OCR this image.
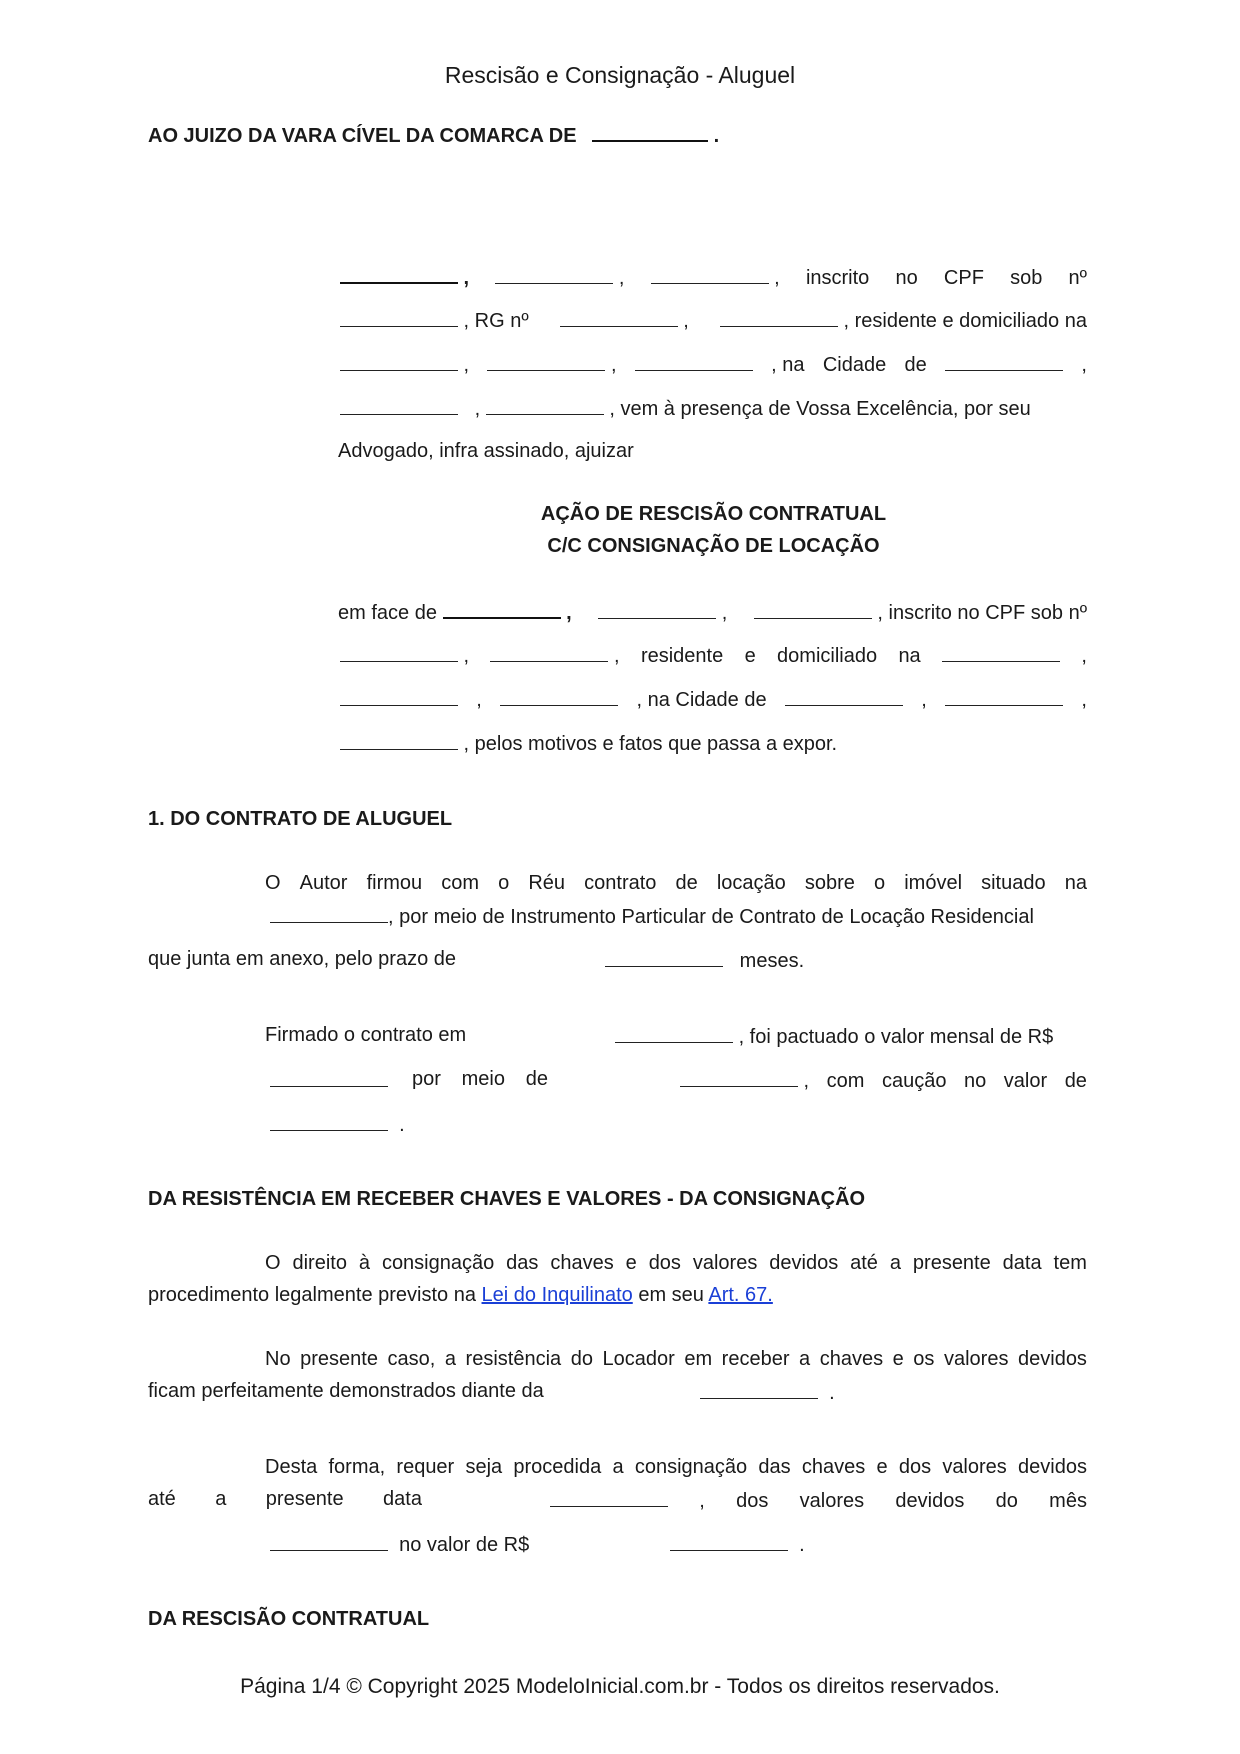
Rescisão e Consignação - Aluguel
AO JUIZO DA VARA CÍVEL DA COMARCA DE	.
,	,	, inscrito no CPF sob nº
, RG nº	,	, residente e domiciliado na
,	,	, na Cidade de	,
,	, vem à presença de Vossa Excelência, por seu
Advogado, infra assinado, ajuizar
AÇÃO DE RESCISÃO CONTRATUAL
C/C CONSIGNAÇÃO DE LOCAÇÃO
em face de	,	,	, inscrito no CPF sob nº
,	, residente e domiciliado na	,
,	, na Cidade de	,	,
, pelos motivos e fatos que passa a expor.
1. DO CONTRATO DE ALUGUEL
O Autor firmou com o Réu contrato de locação sobre o imóvel situado na
, por meio de Instrumento Particular de Contrato de Locação Residencial
que junta em anexo, pelo prazo de	meses.
Firmado o contrato em	, foi pactuado o valor mensal de R$
por meio de	, com caução no valor de
.
DA RESISTÊNCIA EM RECEBER CHAVES E VALORES - DA CONSIGNAÇÃO
O direito à consignação das chaves e dos valores devidos até a presente data tem
procedimento legalmente previsto na Lei do Inquilinato em seu Art. 67.
No presente caso, a resistência do Locador em receber a chaves e os valores devidos
ficam perfeitamente demonstrados diante da	.
Desta forma, requer seja procedida a consignação das chaves e dos valores devidos
até a presente data	, dos valores devidos do mês
no valor de R$	.
DA RESCISÃO CONTRATUAL
Página 1/4 © Copyright 2025 ModeloInicial.com.br - Todos os direitos reservados.
